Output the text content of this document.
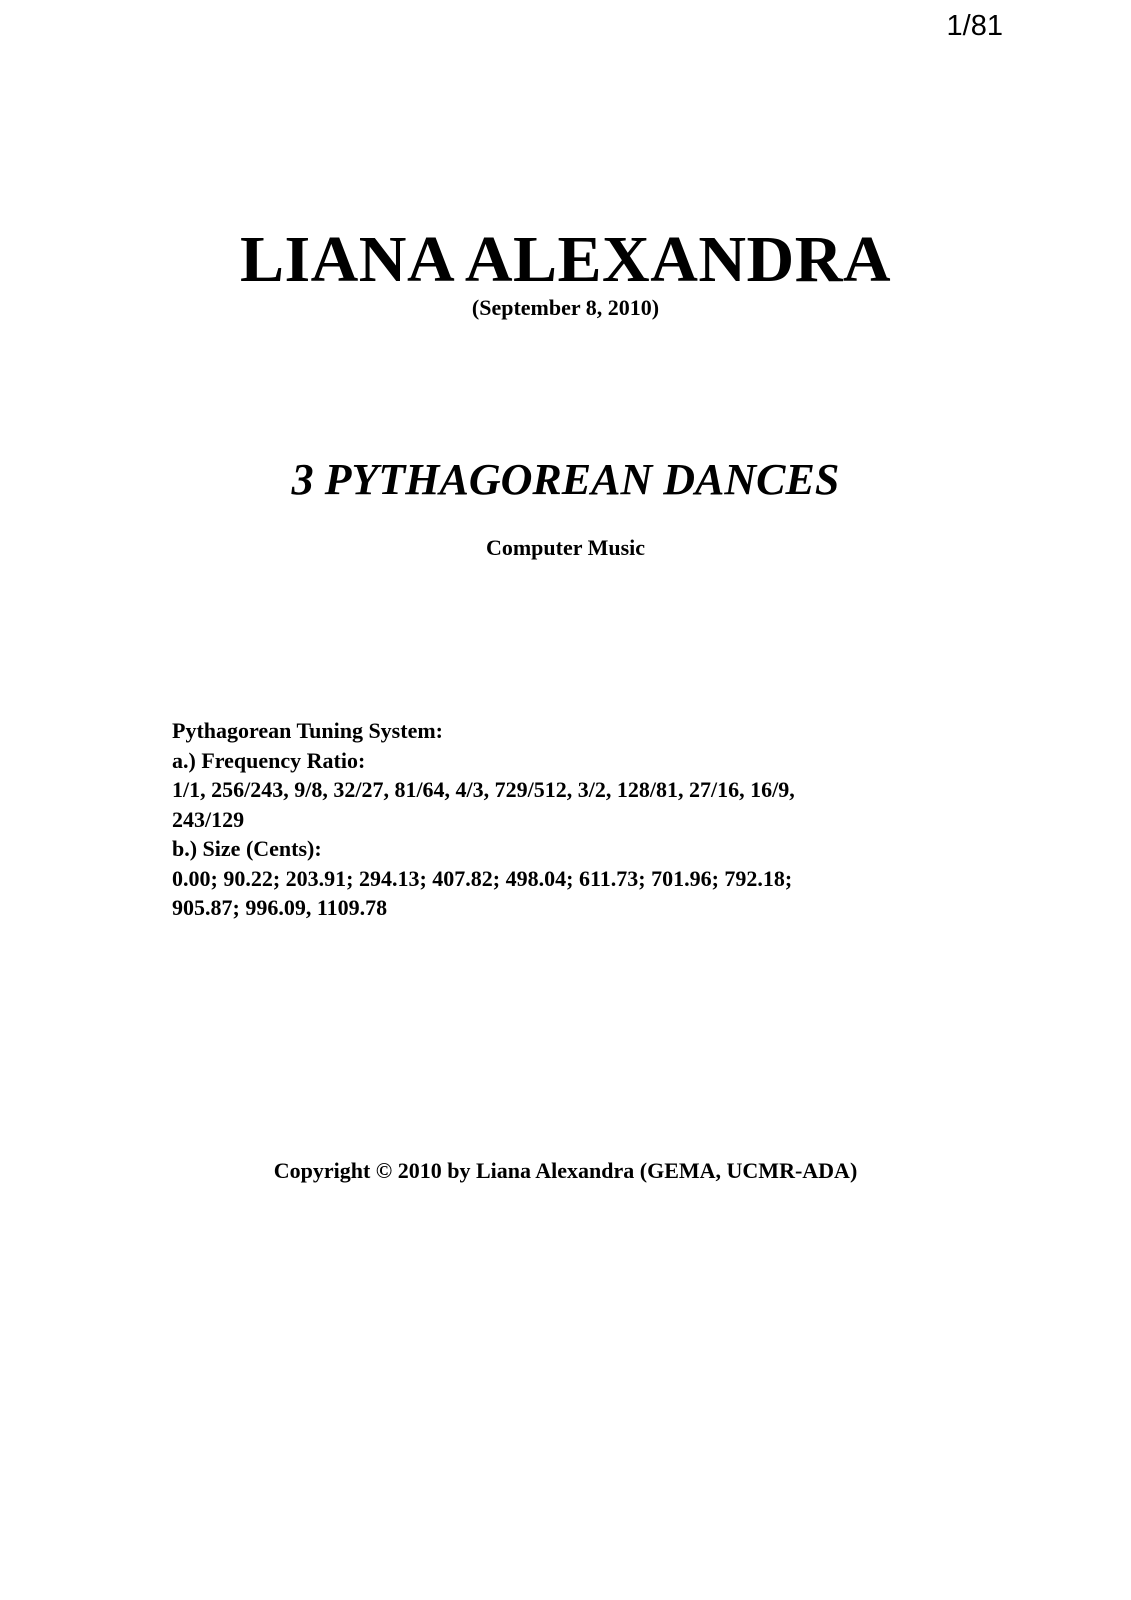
1/81
LIANA ALEXANDRA
(September 8, 2010)
3 PYTHAGOREAN DANCES
Computer Music
Pythagorean Tuning System:
a.) Frequency Ratio:
1/1, 256/243, 9/8, 32/27, 81/64, 4/3, 729/512, 3/2, 128/81, 27/16, 16/9,
243/129
b.) Size (Cents):
0.00; 90.22; 203.91; 294.13; 407.82; 498.04; 611.73; 701.96; 792.18;
905.87; 996.09, 1109.78
Copyright © 2010 by Liana Alexandra (GEMA, UCMR-ADA)
